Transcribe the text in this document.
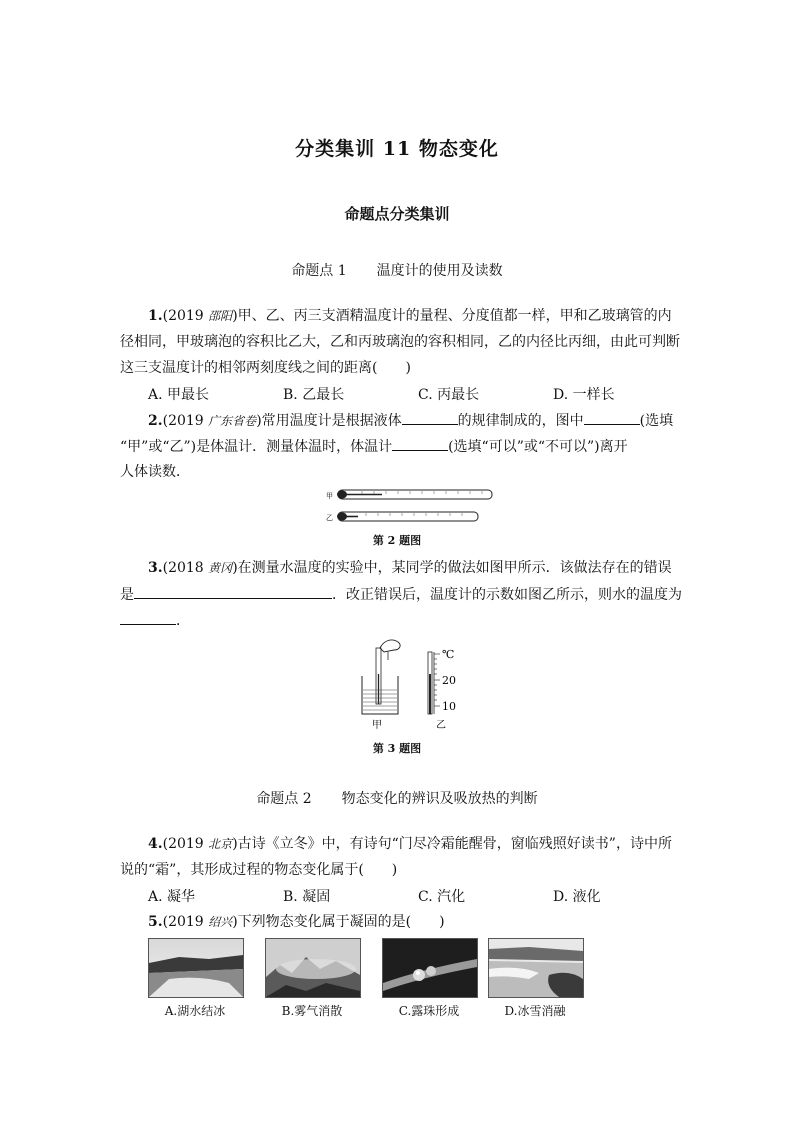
分类集训 11 物态变化
命题点分类集训
命题点 1 温度计的使用及读数
1.(2019 邵阳)甲、乙、丙三支酒精温度计的量程、分度值都一样，甲和乙玻璃管的内
径相同，甲玻璃泡的容积比乙大，乙和丙玻璃泡的容积相同，乙的内径比丙细，由此可判断
这三支温度计的相邻两刻度线之间的距离(　　)
A. 甲最长	B. 乙最长	C. 丙最长	D. 一样长
2.(2019 广东省卷)常用温度计是根据液体	的规律制成的，图中	(选填
“甲”或“乙”)是体温计．测量体温时，体温计	(选填“可以”或“不可以”)离开
人体读数．
甲
乙
第 2 题图
3.(2018 黄冈)在测量水温度的实验中，某同学的做法如图甲所示．该做法存在的错误
是	．改正错误后，温度计的示数如图乙所示，则水的温度为
．
甲
℃
20
10
乙
第 3 题图
命题点 2 物态变化的辨识及吸放热的判断
4.(2019 北京)古诗《立冬》中，有诗句“门尽冷霜能醒骨，窗临残照好读书”，诗中所
说的“霜”，其形成过程的物态变化属于(　　)
A. 凝华	B. 凝固	C. 汽化	D. 液化
5.(2019 绍兴)下列物态变化属于凝固的是(　　)
A.湖水结冰	B.雾气消散	C.露珠形成	D.冰雪消融
